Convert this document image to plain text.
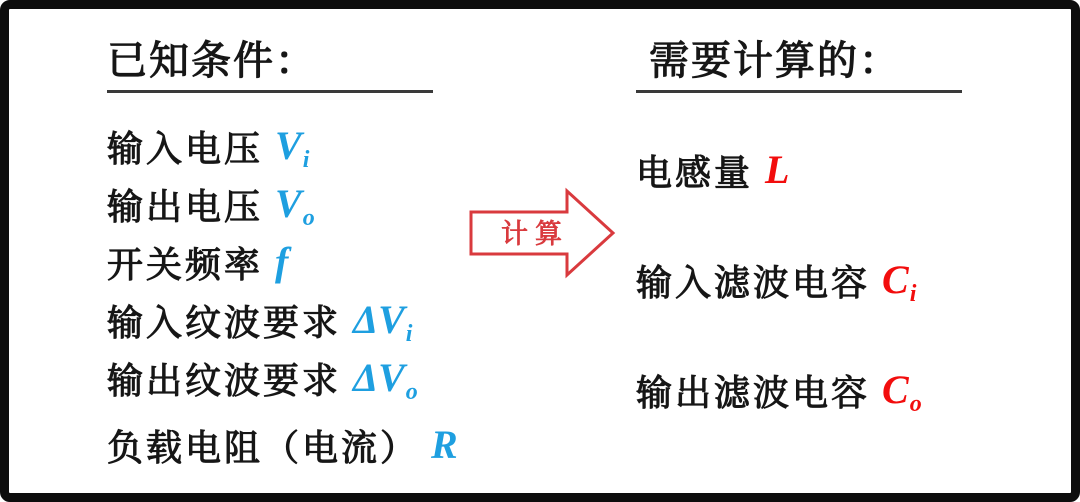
已知条件：
输入电压 $V_i$
输出电压 $V_o$
开关频率 f
输入纹波要求 $\Delta V_i$
输出纹波要求 $\Delta V_o$
负载电阻（电流） R
计算
需要计算的：
电感量 L
输入滤波电容 $C_i$
输出滤波电容 $C_o$
